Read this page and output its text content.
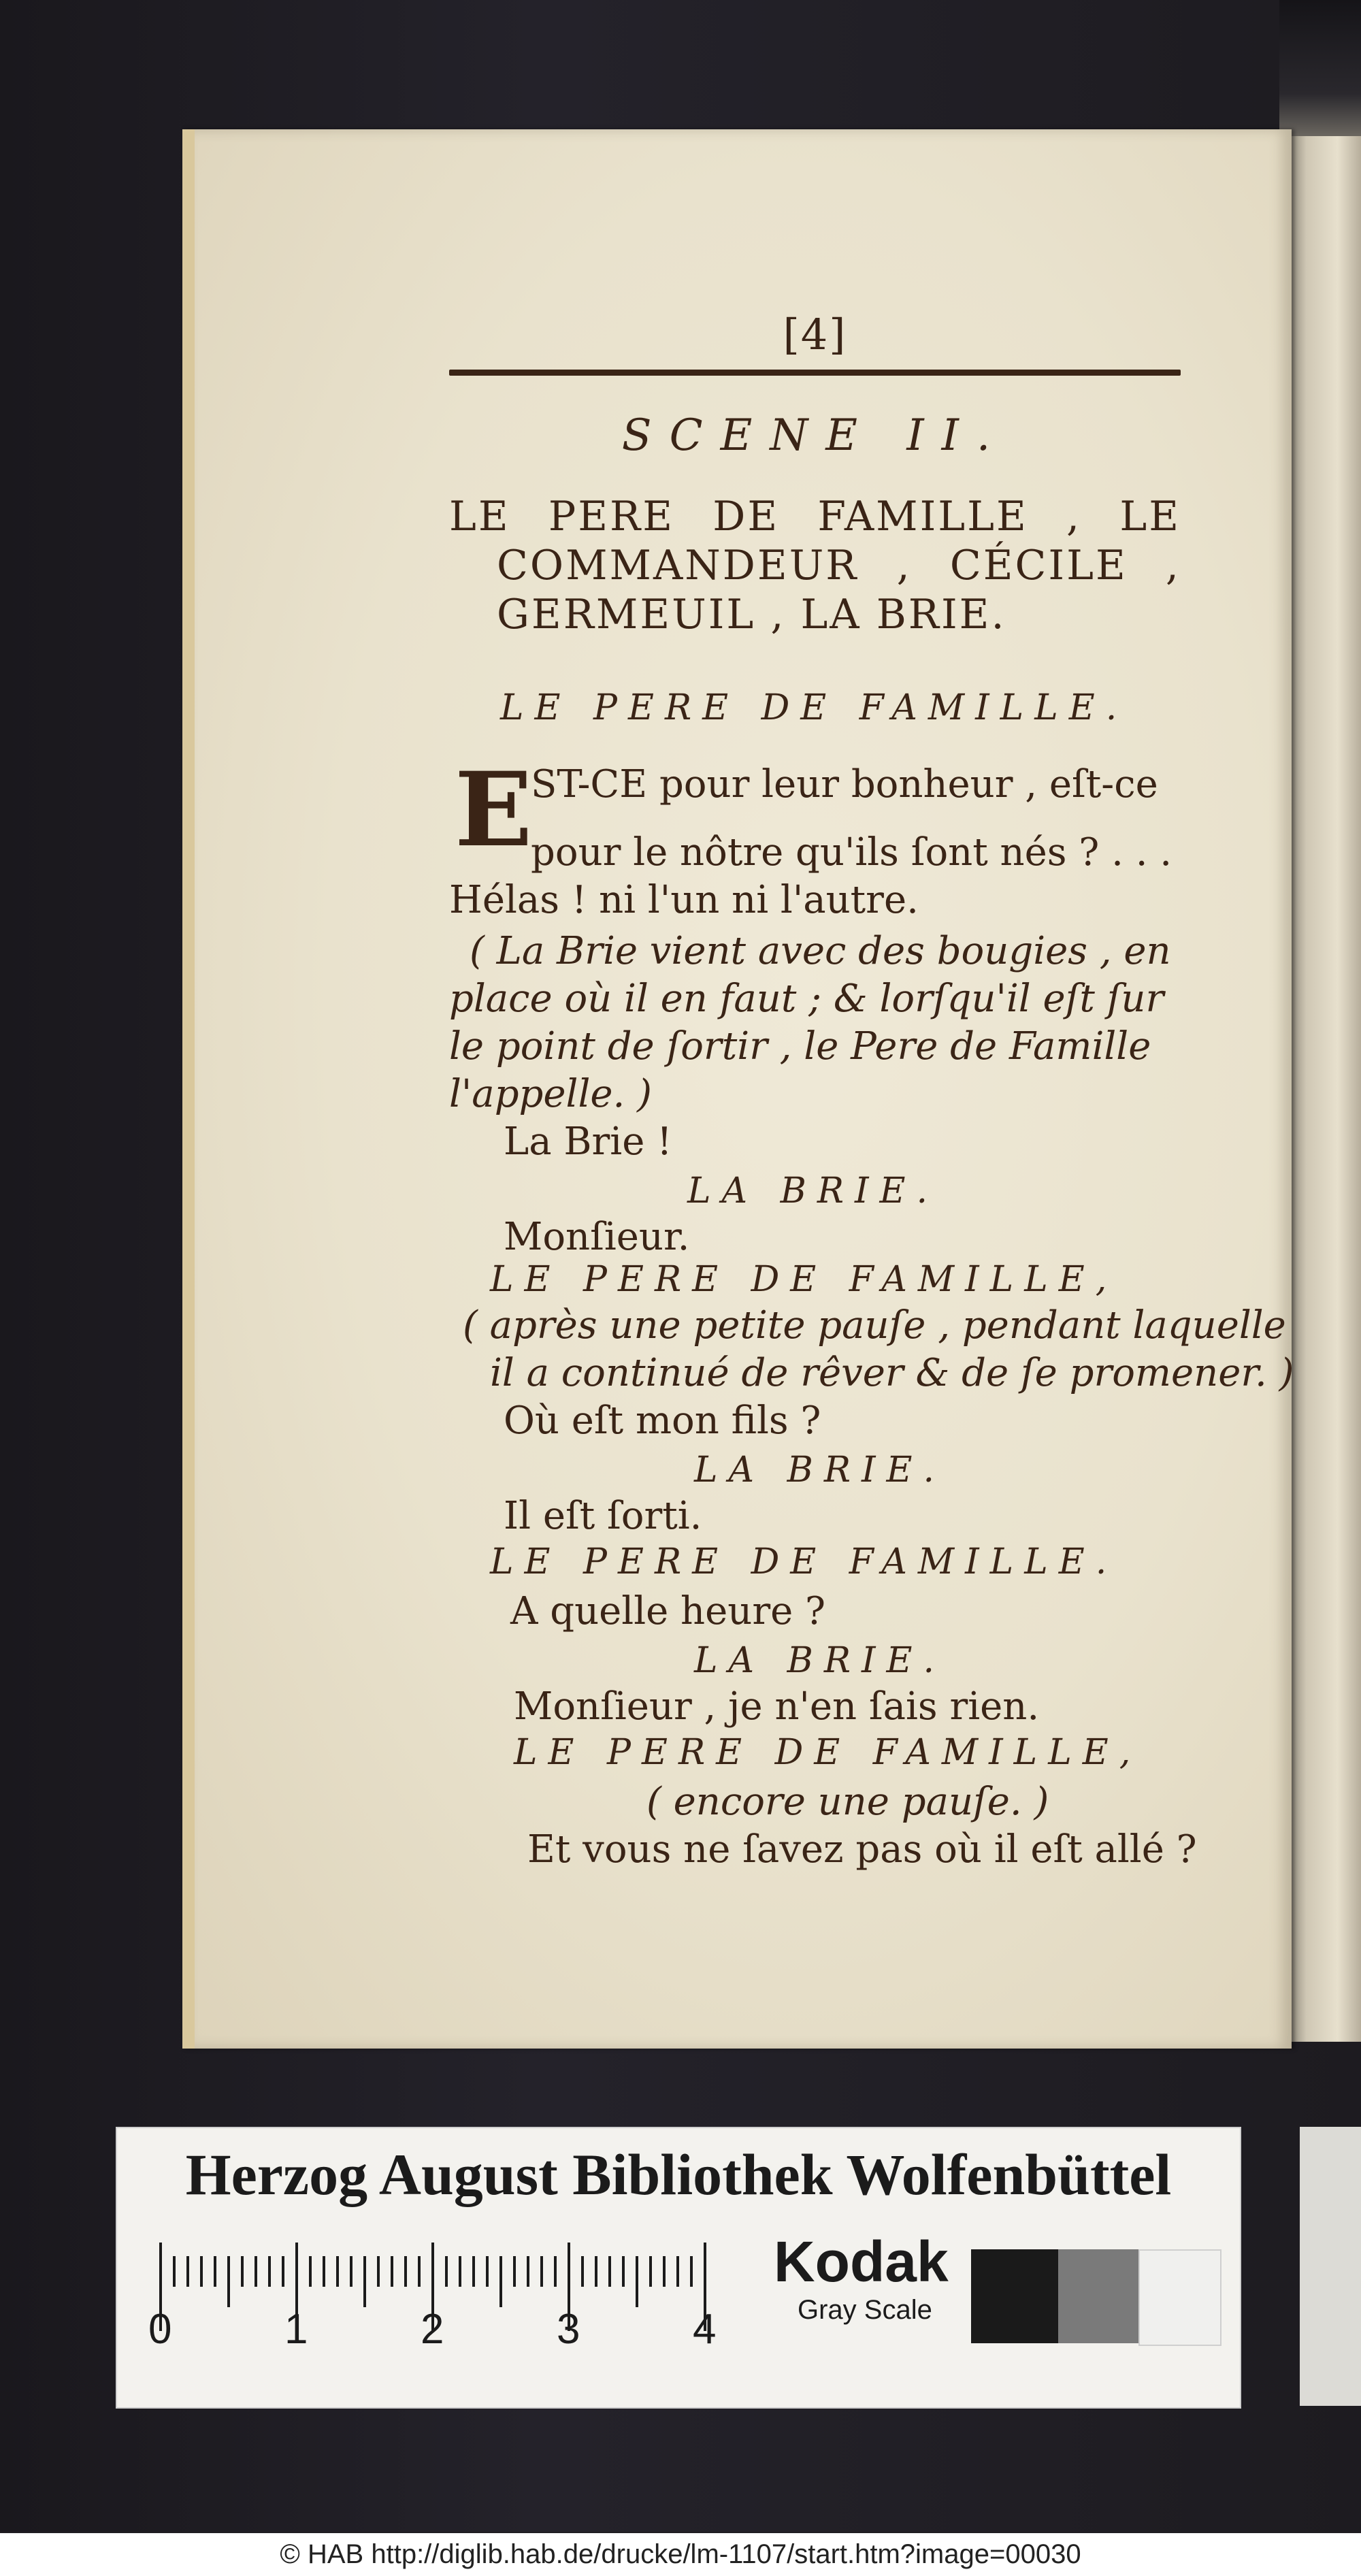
[4]
SCENE II.
LE PERE DE FAMILLE , LE
COMMANDEUR , CÉCILE ,
GERMEUIL , LA BRIE.
E
ST-CE pour leur bonheur , eſt-ce
LE PERE DE FAMILLE.
pour le nôtre qu'ils ſont nés ? . . .
Hélas ! ni l'un ni l'autre.
( La Brie vient avec des bougies , en
place où il en faut ; & lorſqu'il eſt ſur
le point de ſortir , le Pere de Famille
l'appelle. )
La Brie !
LA BRIE.
Monſieur.
LE PERE DE FAMILLE,
( après une petite pauſe , pendant laquelle
il a continué de rêver & de ſe promener. )
Où eſt mon fils ?
LA BRIE.
Il eſt ſorti.
LE PERE DE FAMILLE.
A quelle heure ?
LA BRIE.
Monſieur , je n'en ſais rien.
LE PERE DE FAMILLE,
( encore une pauſe. )
Et vous ne ſavez pas où il eſt allé ?
Herzog August Bibliothek Wolfenbüttel
0	1	2	3	4
Kodak
Gray Scale
© HAB http://diglib.hab.de/drucke/lm-1107/start.htm?image=00030
